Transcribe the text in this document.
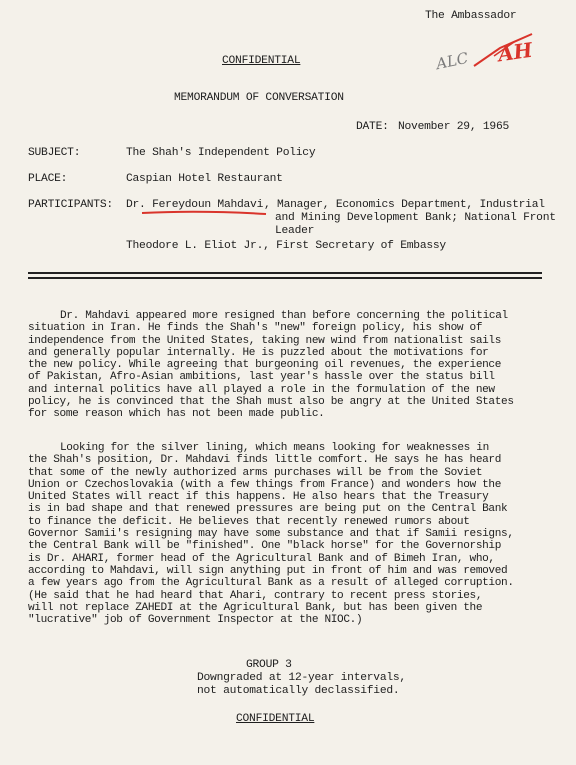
The Ambassador
ALC AH
CONFIDENTIAL
MEMORANDUM OF CONVERSATION
DATE: November 29, 1965
SUBJECT:	The Shah's Independent Policy
PLACE:	Caspian Hotel Restaurant
PARTICIPANTS: Dr. Fereydoun Mahdavi , Manager, Economics Department, Industrial
and Mining Development Bank; National Front
Leader
Theodore L. Eliot Jr., First Secretary of Embassy

Dr. Mahdavi appeared more resigned than before concerning the political
situation in Iran. He finds the Shah's "new" foreign policy, his show of
independence from the United States, taking new wind from nationalist sails
and generally popular internally. He is puzzled about the motivations for
the new policy. While agreeing that burgeoning oil revenues, the experience
of Pakistan, Afro-Asian ambitions, last year's hassle over the status bill
and internal politics have all played a role in the formulation of the new
policy, he is convinced that the Shah must also be angry at the United States
for some reason which has not been made public.

Looking for the silver lining, which means looking for weaknesses in
the Shah's position, Dr. Mahdavi finds little comfort. He says he has heard
that some of the newly authorized arms purchases will be from the Soviet
Union or Czechoslovakia (with a few things from France) and wonders how the
United States will react if this happens. He also hears that the Treasury
is in bad shape and that renewed pressures are being put on the Central Bank
to finance the deficit. He believes that recently renewed rumors about
Governor Samii's resigning may have some substance and that if Samii resigns,
the Central Bank will be "finished". One "black horse" for the Governorship
is Dr. AHARI, former head of the Agricultural Bank and of Bimeh Iran, who,
according to Mahdavi, will sign anything put in front of him and was removed
a few years ago from the Agricultural Bank as a result of alleged corruption.
(He said that he had heard that Ahari, contrary to recent press stories,
will not replace ZAHEDI at the Agricultural Bank, but has been given the
"lucrative" job of Government Inspector at the NIOC.)

GROUP 3
Downgraded at 12-year intervals,
not automatically declassified.
CONFIDENTIAL
